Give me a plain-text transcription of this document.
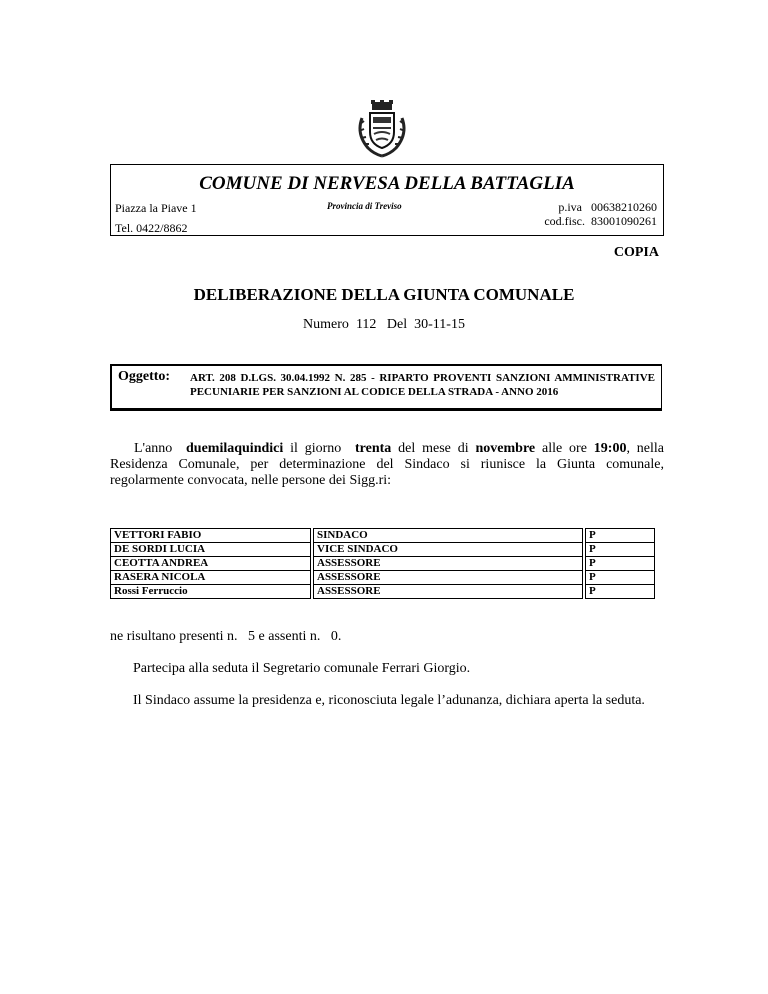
COMUNE DI NERVESA DELLA BATTAGLIA
Piazza la Piave 1
Tel. 0422/8862
Provincia di Treviso	p.iva 00638210260
cod.fisc. 83001090261
COPIA
DELIBERAZIONE DELLA GIUNTA COMUNALE
Numero 112 Del 30-11-15
Oggetto: ART. 208 D.LGS. 30.04.1992 N. 285 - RIPARTO PROVENTI SANZIONI AMMINISTRATIVE PECUNIARIE PER SANZIONI AL CODICE DELLA STRADA - ANNO 2016
L'anno duemilaquindici il giorno trenta del mese di novembre alle ore 19:00, nella Residenza Comunale, per determinazione del Sindaco si riunisce la Giunta comunale, regolarmente convocata, nelle persone dei Sigg.ri:
VETTORI FABIO		SINDACO		P
DE SORDI LUCIA		VICE SINDACO		P
CEOTTA ANDREA		ASSESSORE		P
RASERA NICOLA		ASSESSORE		P
Rossi Ferruccio		ASSESSORE		P
ne risultano presenti n.   5 e assenti n.   0.
Partecipa alla seduta il Segretario comunale Ferrari Giorgio.
Il Sindaco assume la presidenza e, riconosciuta legale l’adunanza, dichiara aperta la seduta.
